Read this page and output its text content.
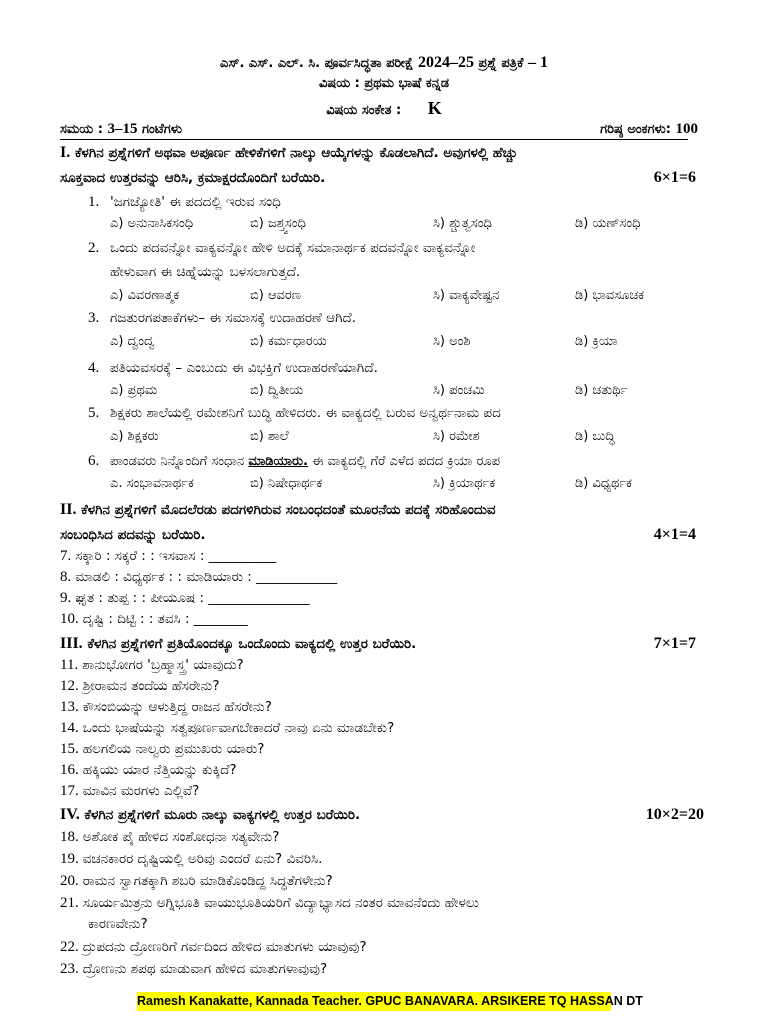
ಎಸ್. ಎಸ್. ಎಲ್. ಸಿ. ಪೂರ್ವಸಿದ್ಧತಾ ಪರೀಕ್ಷೆ 2024–25 ಪ್ರಶ್ನೆ ಪತ್ರಿಕೆ – 1
ವಿಷಯ : ಪ್ರಥಮ ಭಾಷೆ ಕನ್ನಡ
ವಿಷಯ ಸಂಕೇತ : K
ಸಮಯ : 3–15 ಗಂಟೆಗಳು	ಗರಿಷ್ಠ ಅಂಕಗಳು: 100
I. ಕೆಳಗಿನ ಪ್ರಶ್ನೆಗಳಿಗೆ ಅಥವಾ ಅಪೂರ್ಣ ಹೇಳಿಕೆಗಳಿಗೆ ನಾಲ್ಕು ಆಯ್ಕೆಗಳನ್ನು ಕೊಡಲಾಗಿದೆ. ಅವುಗಳಲ್ಲಿ ಹೆಚ್ಚು
ಸೂಕ್ತವಾದ ಉತ್ತರವನ್ನು ಆರಿಸಿ, ಕ್ರಮಾಕ್ಷರದೊಂದಿಗೆ ಬರೆಯಿರಿ.	6×1=6
1. 'ಜಗಜ್ಯೋತಿ' ಈ ಪದದಲ್ಲಿ ಇರುವ ಸಂಧಿ
ಎ) ಅನುನಾಸಿಕಸಂಧಿ	ಬಿ) ಜಶ್ತ್ವಸಂಧಿ	ಸಿ) ಶ್ಚುತ್ವಸಂಧಿ	ಡಿ) ಯಣ್‌ಸಂಧಿ
2. ಒಂದು ಪದವನ್ನೋ ವಾಕ್ಯವನ್ನೋ ಹೇಳಿ ಅದಕ್ಕೆ ಸಮಾನಾರ್ಥಕ ಪದವನ್ನೋ ವಾಕ್ಯವನ್ನೋ
ಹೇಳುವಾಗ ಈ ಚಿಹ್ನೆಯನ್ನು ಬಳಸಲಾಗುತ್ತದೆ.
ಎ) ವಿವರಣಾತ್ಮಕ	ಬಿ) ಆವರಣ	ಸಿ) ವಾಕ್ಯವೇಷ್ಟನ	ಡಿ) ಭಾವಸೂಚಕ
3. ಗಜತುರಗಪತಾಕೆಗಳು– ಈ ಸಮಾಸಕ್ಕೆ ಉದಾಹರಣೆ ಆಗಿದೆ.
ಎ) ದ್ವಂದ್ವ	ಬಿ) ಕರ್ಮಧಾರಯ	ಸಿ) ಅಂಶಿ	ಡಿ) ಕ್ರಿಯಾ
4. ಪತಿಯವಸರಕ್ಕೆ – ಎಂಬುದು ಈ ವಿಭಕ್ತಿಗೆ ಉದಾಹರಣೆಯಾಗಿದೆ.
ಎ) ಪ್ರಥಮ	ಬಿ) ದ್ವಿತೀಯ	ಸಿ) ಪಂಚಮಿ	ಡಿ) ಚತುರ್ಥಿ
5. ಶಿಕ್ಷಕರು ಶಾಲೆಯಲ್ಲಿ ರಮೇಶನಿಗೆ ಬುದ್ಧಿ ಹೇಳಿದರು. ಈ ವಾಕ್ಯದಲ್ಲಿ ಬರುವ ಅನ್ವರ್ಥನಾಮ ಪದ
ಎ) ಶಿಕ್ಷಕರು	ಬಿ) ಶಾಲೆ	ಸಿ) ರಮೇಶ	ಡಿ) ಬುದ್ಧಿ
6. ಪಾಂಡವರು ನಿನ್ನೊಂದಿಗೆ ಸಂಧಾನ ಮಾಡಿಯಾರು. ಈ ವಾಕ್ಯದಲ್ಲಿ ಗೆರೆ ಎಳೆದ ಪದದ ಕ್ರಿಯಾ ರೂಪ
ಎ. ಸಂಭಾವನಾರ್ಥಕ	ಬಿ) ನಿಷೇಧಾರ್ಥಕ	ಸಿ) ಕ್ರಿಯಾರ್ಥಕ	ಡಿ) ವಿಧ್ಯರ್ಥಕ
II. ಕೆಳಗಿನ ಪ್ರಶ್ನೆಗಳಿಗೆ ಮೊದಲೆರಡು ಪದಗಳಿಗಿರುವ ಸಂಬಂಧದಂತೆ ಮೂರನೆಯ ಪದಕ್ಕೆ ಸರಿಹೊಂದುವ
ಸಂಬಂಧಿಸಿದ ಪದವನ್ನು ಬರೆಯಿರಿ.	4×1=4
7. ಸಕ್ಕಾರಿ : ಸಕ್ಕರೆ : : ಇಸವಾಸ : __________
8. ಮಾಡಲಿ : ವಿಧ್ಯರ್ಥಕ : : ಮಾಡಿಯಾರು : ____________
9. ಘೃತ : ತುಪ್ಪ : : ಪೀಯೂಷ : _______________
10. ದೃಷ್ಟಿ : ದಿಟ್ಟಿ : : ತವಸಿ : ________
III. ಕೆಳಗಿನ ಪ್ರಶ್ನೆಗಳಿಗೆ ಪ್ರತಿಯೊಂದಕ್ಕೂ ಒಂದೊಂದು ವಾಕ್ಯದಲ್ಲಿ ಉತ್ತರ ಬರೆಯಿರಿ.	7×1=7
11. ಶಾನುಭೋಗರ 'ಬ್ರಹ್ಮಾಸ್ತ್ರ' ಯಾವುದು?
12. ಶ್ರೀರಾಮನ ತಂದೆಯ ಹೆಸರೇನು?
13. ಕೌಸಂಬಿಯನ್ನು ಆಳುತ್ತಿದ್ದ ರಾಜನ ಹೆಸರೇನು?
14. ಒಂದು ಭಾಷೆಯನ್ನು ಸತ್ವಪೂರ್ಣವಾಗಬೇಕಾದರೆ ನಾವು ಏನು ಮಾಡಬೇಕು?
15. ಹಲಗಲಿಯ ನಾಲ್ವರು ಪ್ರಮುಖರು ಯಾರು?
16. ಹಕ್ಕಿಯು ಯಾರ ನೆತ್ತಿಯನ್ನು ಕುಕ್ಕಿದೆ?
17. ಮಾವಿನ ಮರಗಳು ಎಲ್ಲಿವೆ?
IV. ಕೆಳಗಿನ ಪ್ರಶ್ನೆಗಳಿಗೆ ಮೂರು ನಾಲ್ಕು ವಾಕ್ಯಗಳಲ್ಲಿ ಉತ್ತರ ಬರೆಯಿರಿ.	10×2=20
18. ಅಶೋಕ ಪೈ ಹೇಳಿದ ಸಂಶೋಧನಾ ಸತ್ಯವೇನು?
19. ವಚನಕಾರರ ದೃಷ್ಟಿಯಲ್ಲಿ ಅರಿವು ಎಂದರೆ ಏನು? ವಿವರಿಸಿ.
20. ರಾಮನ ಸ್ವಾಗತಕ್ಕಾಗಿ ಶಬರಿ ಮಾಡಿಕೊಂಡಿದ್ದ ಸಿದ್ಧತೆಗಳೇನು?
21. ಸೂರ್ಯಮಿತ್ರನು ಅಗ್ನಿಭೂತಿ ವಾಯುಭೂತಿಯರಿಗೆ ವಿದ್ಯಾಭ್ಯಾಸದ ನಂತರ ಮಾವನೆಂದು ಹೇಳಲು
ಕಾರಣವೇನು?
22. ದ್ರುಪದನು ದ್ರೋಣರಿಗೆ ಗರ್ವದಿಂದ ಹೇಳಿದ ಮಾತುಗಳು ಯಾವುವು?
23. ದ್ರೋಣನು ಶಪಥ ಮಾಡುವಾಗ ಹೇಳಿದ ಮಾತುಗಳಾವುವು?
Ramesh Kanakatte, Kannada Teacher. GPUC BANAVARA. ARSIKERE TQ HASSAN DT
